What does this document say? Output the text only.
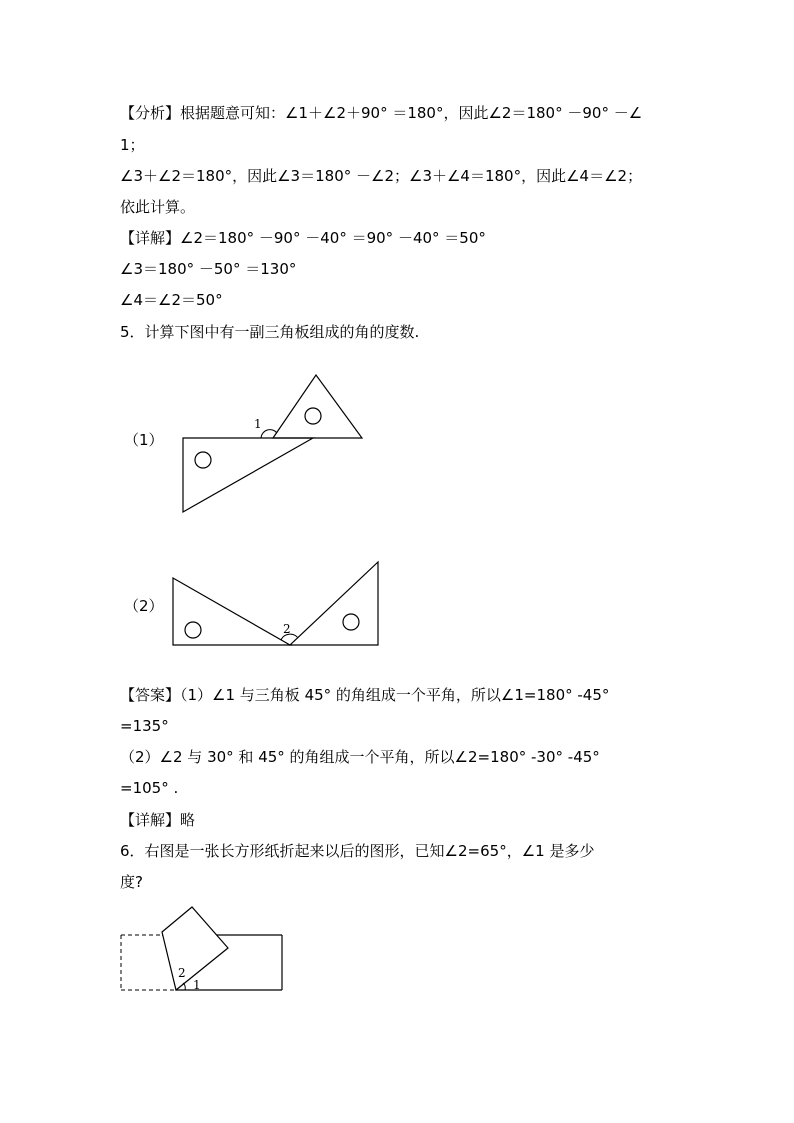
【分析】根据题意可知：∠1＋∠2＋90° ＝180°，因此∠2＝180° －90° －∠
1；
∠3＋∠2＝180°，因此∠3＝180° －∠2；∠3＋∠4＝180°，因此∠4＝∠2；
依此计算。
【详解】∠2＝180° －90° －40° ＝90° －40° ＝50°
∠3＝180° －50° ＝130°
∠4＝∠2＝50°
5．计算下图中有一副三角板组成的角的度数.
（1）
1
（2）
2
【答案】（1）∠1 与三角板 45° 的角组成一个平角，所以∠1=180° -45°
=135°
（2）∠2 与 30° 和 45° 的角组成一个平角，所以∠2=180° -30° -45°
=105° .
【详解】略
6．右图是一张长方形纸折起来以后的图形，已知∠2=65°，∠1 是多少
度?
2
1
